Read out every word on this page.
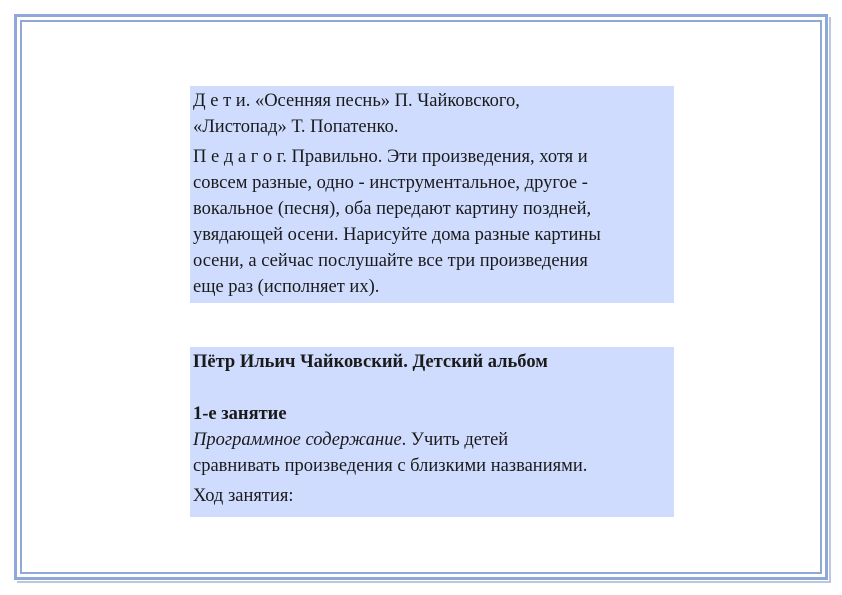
Д е т и. «Осенняя песнь» П. Чайковского,
«Листопад» Т. Попатенко.

П е д а г о г. Правильно. Эти произведения, хотя и
совсем разные, одно - инструментальное, другое -
вокальное (песня), оба передают картину поздней,
увядающей осени. Нарисуйте дома разные картины
осени, а сейчас послушайте все три произведения
еще раз (исполняет их).

Пётр Ильич Чайковский. Детский альбом

1-е занятие

Программное содержание. Учить детей
сравнивать произведения с близкими названиями.

Ход занятия:
